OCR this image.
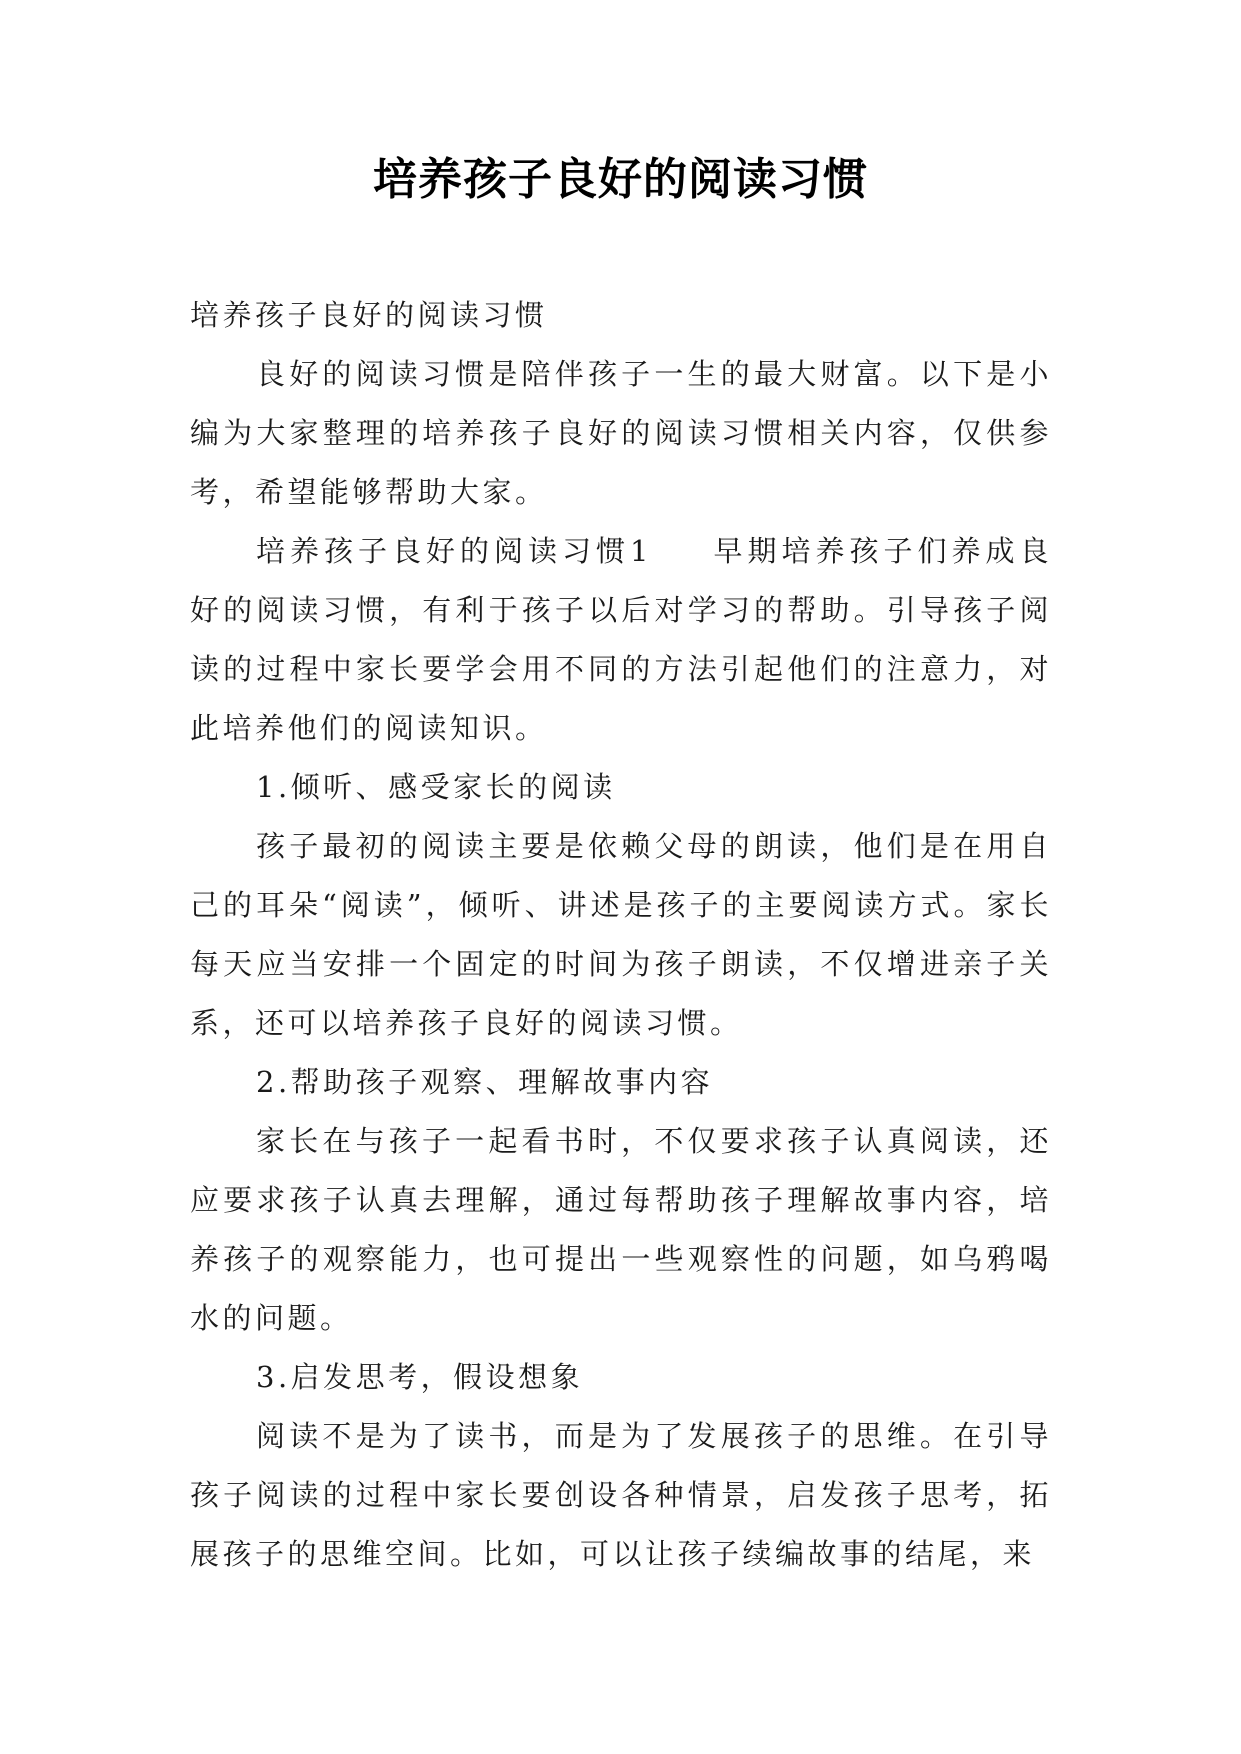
培养孩子良好的阅读习惯

培养孩子良好的阅读习惯

良好的阅读习惯是陪伴孩子一生的最大财富。以下是小编为大家整理的培养孩子良好的阅读习惯相关内容，仅供参考，希望能够帮助大家。

培养孩子良好的阅读习惯1 早期培养孩子们养成良好的阅读习惯，有利于孩子以后对学习的帮助。引导孩子阅读的过程中家长要学会用不同的方法引起他们的注意力，对此培养他们的阅读知识。

1.倾听、感受家长的阅读

孩子最初的阅读主要是依赖父母的朗读，他们是在用自己的耳朵“阅读”，倾听、讲述是孩子的主要阅读方式。家长每天应当安排一个固定的时间为孩子朗读，不仅增进亲子关系，还可以培养孩子良好的阅读习惯。

2.帮助孩子观察、理解故事内容

家长在与孩子一起看书时，不仅要求孩子认真阅读，还应要求孩子认真去理解，通过每帮助孩子理解故事内容，培养孩子的观察能力，也可提出一些观察性的问题，如乌鸦喝水的问题。

3.启发思考，假设想象

阅读不是为了读书，而是为了发展孩子的思维。在引导孩子阅读的过程中家长要创设各种情景，启发孩子思考，拓展孩子的思维空间。比如，可以让孩子续编故事的结尾，来
